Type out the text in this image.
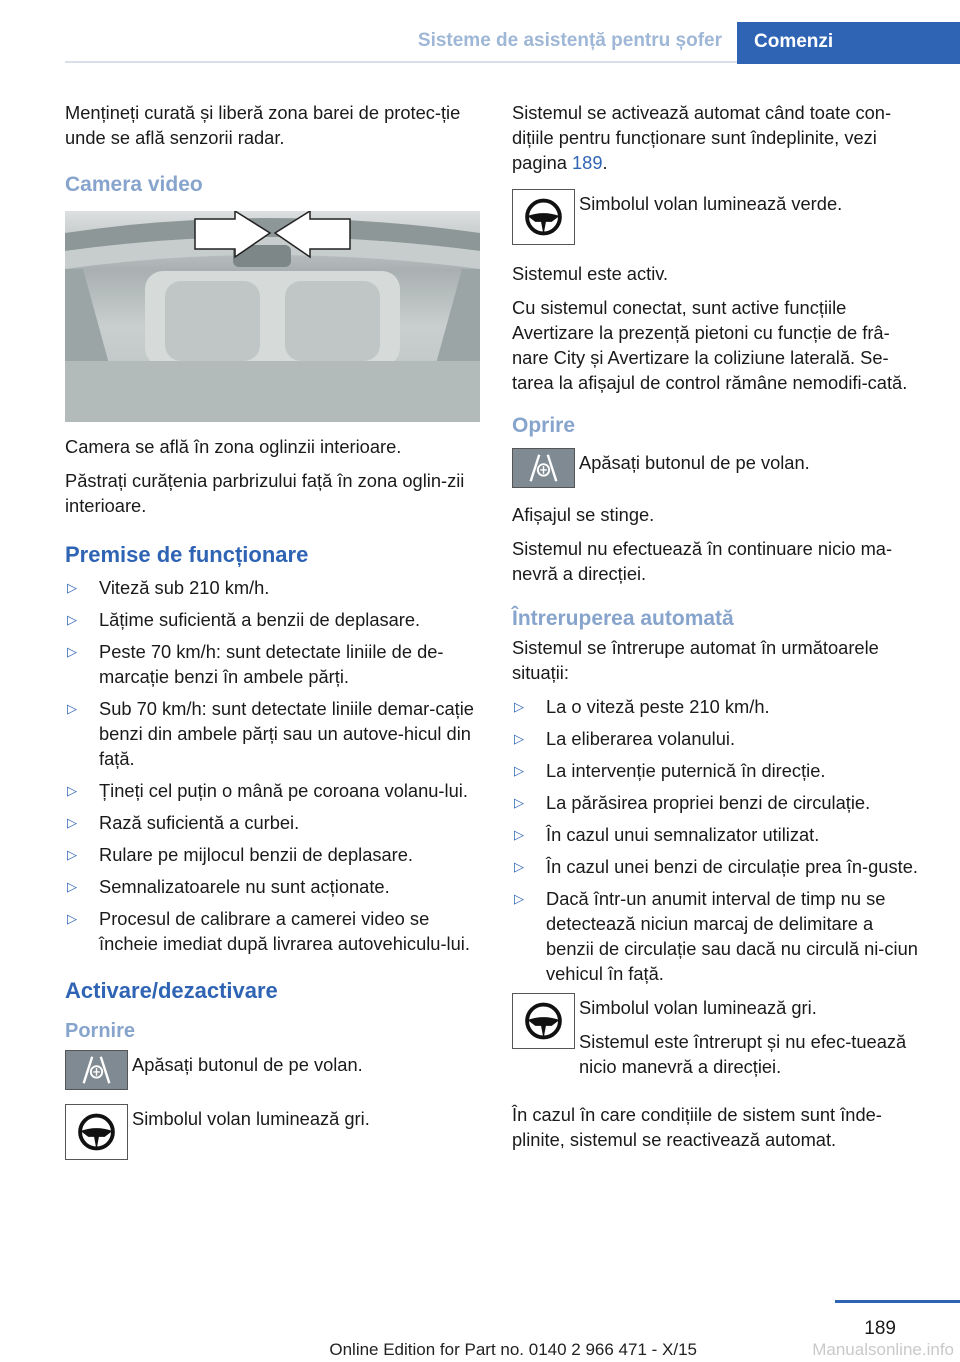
Sisteme de asistență pentru șofer	Comenzi

Mențineți curată și liberă zona barei de protec‐ție unde se află senzorii radar.

Camera video

Camera se află în zona oglinzii interioare.

Păstrați curățenia parbrizului față în zona oglin‐zii interioare.

Premise de funcționare
▷ Viteză sub 210 km/h.
▷ Lățime suficientă a benzii de deplasare.
▷ Peste 70 km/h: sunt detectate liniile de de‐marcație benzi în ambele părți.
▷ Sub 70 km/h: sunt detectate liniile demar‐cație benzi din ambele părți sau un autove‐hicul din față.
▷ Țineți cel puțin o mână pe coroana volanu‐lui.
▷ Rază suficientă a curbei.
▷ Rulare pe mijlocul benzii de deplasare.
▷ Semnalizatoarele nu sunt acționate.
▷ Procesul de calibrare a camerei video se încheie imediat după livrarea autovehiculu‐lui.
Activare/dezactivare
Pornire
Apăsați butonul de pe volan.
Simbolul volan luminează gri.

Sistemul se activează automat când toate con‐dițiile pentru funcționare sunt îndeplinite, vezi pagina 189.

Simbolul volan luminează verde.

Sistemul este activ.

Cu sistemul conectat, sunt active funcțiile Avertizare la prezență pietoni cu funcție de frâ‐nare City și Avertizare la coliziune laterală. Se‐tarea la afișajul de control rămâne nemodifi‐cată.

Oprire
Apăsați butonul de pe volan.

Afișajul se stinge.

Sistemul nu efectuează în continuare nicio ma‐nevră a direcției.

Întreruperea automată

Sistemul se întrerupe automat în următoarele situații:

▷ La o viteză peste 210 km/h.
▷ La eliberarea volanului.
▷ La intervenție puternică în direcție.
▷ La părăsirea propriei benzi de circulație.
▷ În cazul unui semnalizator utilizat.
▷ În cazul unei benzi de circulație prea în‐guste.
▷ Dacă într-un anumit interval de timp nu se detectează niciun marcaj de delimitare a benzii de circulație sau dacă nu circulă ni‐ciun vehicul în față.

Simbolul volan luminează gri.

Sistemul este întrerupt și nu efec‐tuează nicio manevră a direcției.

În cazul în care condițiile de sistem sunt înde‐plinite, sistemul se reactivează automat.

189
Online Edition for Part no. 0140 2 966 471 - X/15	Manualsonline.info
